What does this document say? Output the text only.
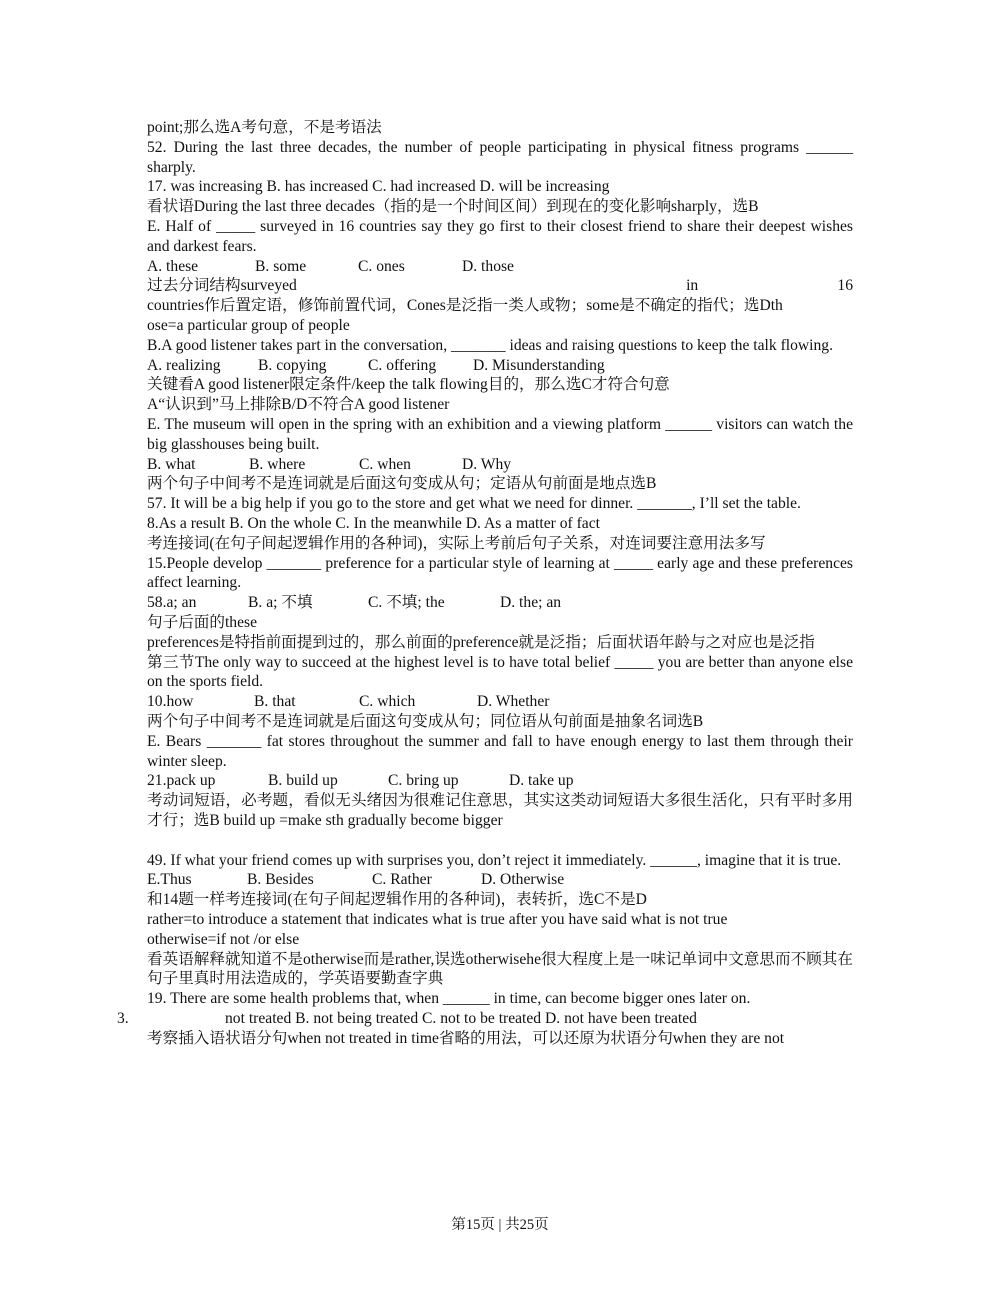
point;那么选A考句意，不是考语法
52. During the last three decades, the number of people participating in physical fitness programs ______ sharply.
17. was increasing B. has increased C. had increased D. will be increasing
看状语During the last three decades（指的是一个时间区间）到现在的变化影响sharply，选B
E. Half of _____ surveyed in 16 countries say they go first to their closest friend to share their deepest wishes and darkest fears.
A. these	B. some	C. ones	D. those
过去分词结构surveyed	in	16
countries作后置定语，修饰前置代词，Cones是泛指一类人或物；some是不确定的指代；选Dth
ose=a particular group of people
B.A good listener takes part in the conversation, _______ ideas and raising questions to keep the talk flowing.
A. realizing	B. copying	C. offering	D. Misunderstanding
关键看A good listener限定条件/keep the talk flowing目的，那么选C才符合句意
A“认识到”马上排除B/D不符合A good listener
E. The museum will open in the spring with an exhibition and a viewing platform ______ visitors can watch the big glasshouses being built.
B. what	B. where	C. when	D. Why
两个句子中间考不是连词就是后面这句变成从句；定语从句前面是地点选B
57. It will be a big help if you go to the store and get what we need for dinner. _______, I’ll set the table.
8.As a result B. On the whole C. In the meanwhile D. As a matter of fact
考连接词(在句子间起逻辑作用的各种词)，实际上考前后句子关系，对连词要注意用法多写
15.People develop _______ preference for a particular style of learning at _____ early age and these preferences affect learning.
58.a; an	B. a; 不填	C. 不填; the	D. the; an
句子后面的these
preferences是特指前面提到过的，那么前面的preference就是泛指；后面状语年龄与之对应也是泛指
第三节The only way to succeed at the highest level is to have total belief _____ you are better than anyone else on the sports field.
10.how	B. that	C. which	D. Whether
两个句子中间考不是连词就是后面这句变成从句；同位语从句前面是抽象名词选B
E. Bears _______ fat stores throughout the summer and fall to have enough energy to last them through their winter sleep.
21.pack up	B. build up	C. bring up	D. take up
考动词短语，必考题，看似无头绪因为很难记住意思，其实这类动词短语大多很生活化，只有平时多用才行；选B build up =make sth gradually become bigger
49. If what your friend comes up with surprises you, don’t reject it immediately. ______, imagine that it is true.
E.Thus	B. Besides	C. Rather	D. Otherwise
和14题一样考连接词(在句子间起逻辑作用的各种词)，表转折，选C不是D
rather=to introduce a statement that indicates what is true after you have said what is not true
otherwise=if not /or else
看英语解释就知道不是otherwise而是rather,误选otherwisehe很大程度上是一味记单词中文意思而不顾其在句子里真时用法造成的，学英语要勤查字典
19. There are some health problems that, when ______ in time, can become bigger ones later on.
3.	not treated B. not being treated C. not to be treated D. not have been treated
考察插入语状语分句when not treated in time省略的用法，可以还原为状语分句when they are not
第15页 | 共25页
